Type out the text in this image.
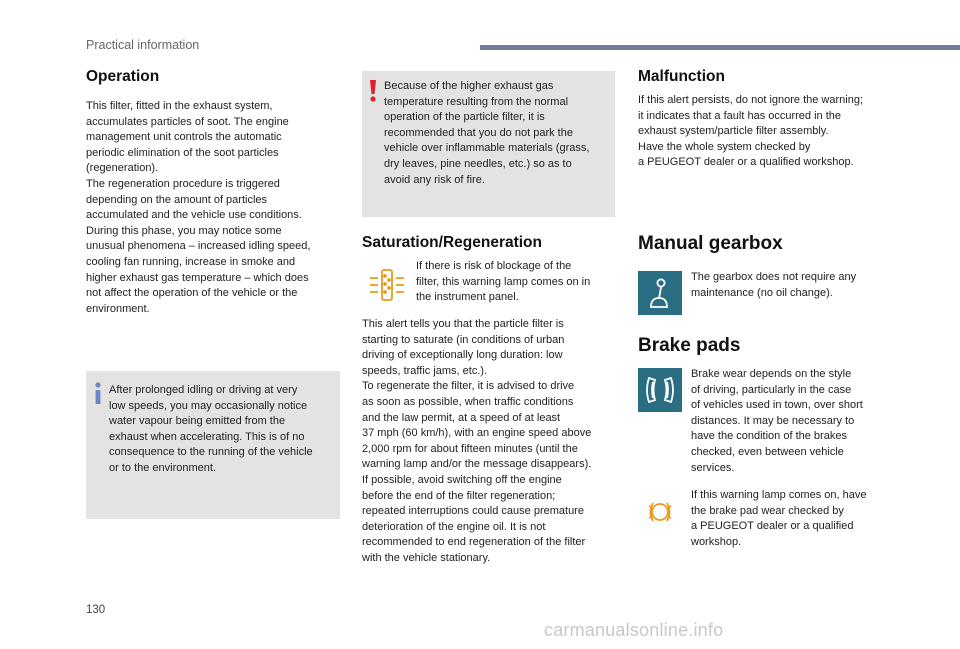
Practical information
Operation
This filter, fitted in the exhaust system,
accumulates particles of soot. The engine
management unit controls the automatic
periodic elimination of the soot particles
(regeneration).
The regeneration procedure is triggered
depending on the amount of particles
accumulated and the vehicle use conditions.
During this phase, you may notice some
unusual phenomena – increased idling speed,
cooling fan running, increase in smoke and
higher exhaust gas temperature – which does
not affect the operation of the vehicle or the
environment.
After prolonged idling or driving at very
low speeds, you may occasionally notice
water vapour being emitted from the
exhaust when accelerating. This is of no
consequence to the running of the vehicle
or to the environment.
Because of the higher exhaust gas
temperature resulting from the normal
operation of the particle filter, it is
recommended that you do not park the
vehicle over inflammable materials (grass,
dry leaves, pine needles, etc.) so as to
avoid any risk of fire.
Saturation/Regeneration
If there is risk of blockage of the
filter, this warning lamp comes on in
the instrument panel.
This alert tells you that the particle filter is
starting to saturate (in conditions of urban
driving of exceptionally long duration: low
speeds, traffic jams, etc.).
To regenerate the filter, it is advised to drive
as soon as possible, when traffic conditions
and the law permit, at a speed of at least
37 mph (60 km/h), with an engine speed above
2,000 rpm for about fifteen minutes (until the
warning lamp and/or the message disappears).
If possible, avoid switching off the engine
before the end of the filter regeneration;
repeated interruptions could cause premature
deterioration of the engine oil. It is not
recommended to end regeneration of the filter
with the vehicle stationary.
Malfunction
If this alert persists, do not ignore the warning;
it indicates that a fault has occurred in the
exhaust system/particle filter assembly.
Have the whole system checked by
a PEUGEOT dealer or a qualified workshop.
Manual gearbox
The gearbox does not require any
maintenance (no oil change).
Brake pads
Brake wear depends on the style
of driving, particularly in the case
of vehicles used in town, over short
distances. It may be necessary to
have the condition of the brakes
checked, even between vehicle
services.
If this warning lamp comes on, have
the brake pad wear checked by
a PEUGEOT dealer or a qualified
workshop.
130
carmanualsonline.info
